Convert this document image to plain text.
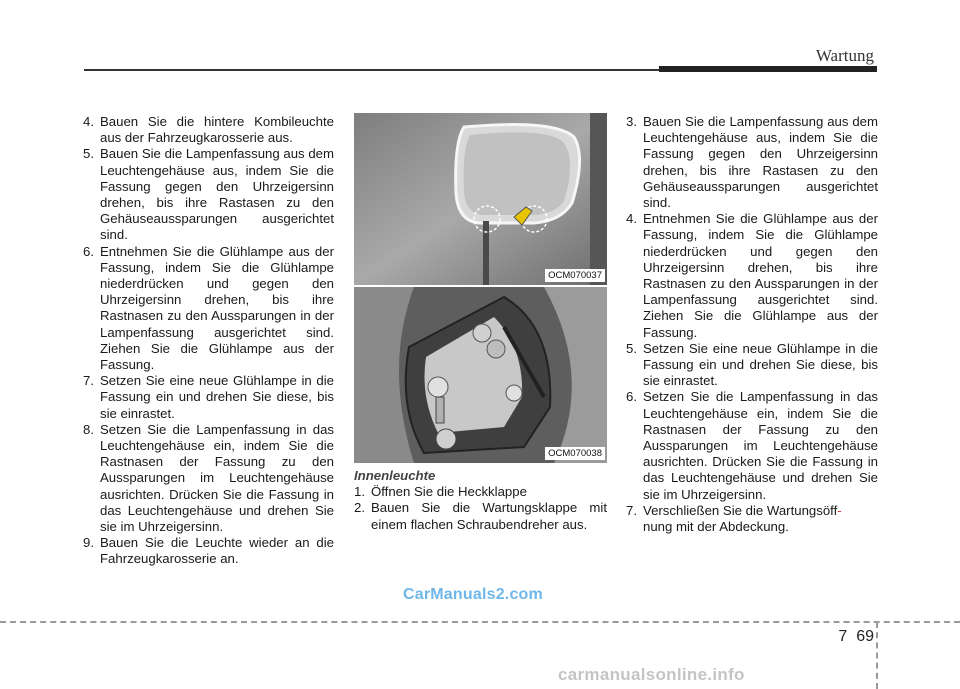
Wartung
4. Bauen Sie die hintere Kombileuchte aus der Fahrzeugkarosserie aus.
5. Bauen Sie die Lampenfassung aus dem Leuchtengehäuse aus, indem Sie die Fassung gegen den Uhrzeigersinn drehen, bis ihre Rastasen zu den Gehäuseaussparungen ausgerichtet sind.
6. Entnehmen Sie die Glühlampe aus der Fassung, indem Sie die Glühlampe niederdrücken und gegen den Uhrzeigersinn drehen, bis ihre Rastnasen zu den Aussparungen in der Lampenfassung ausgerichtet sind. Ziehen Sie die Glühlampe aus der Fassung.
7. Setzen Sie eine neue Glühlampe in die Fassung ein und drehen Sie diese, bis sie einrastet.
8. Setzen Sie die Lampenfassung in das Leuchtengehäuse ein, indem Sie die Rastnasen der Fassung zu den Aussparungen im Leuchtengehäuse ausrichten. Drücken Sie die Fassung in das Leuchtengehäuse und drehen Sie sie im Uhrzeigersinn.
9. Bauen Sie die Leuchte wieder an die Fahrzeugkarosserie an.
OCM070037
OCM070038
Innenleuchte
1. Öffnen Sie die Heckklappe
2. Bauen Sie die Wartungsklappe mit einem flachen Schraubendreher aus.
3. Bauen Sie die Lampenfassung aus dem Leuchtengehäuse aus, indem Sie die Fassung gegen den Uhrzeigersinn drehen, bis ihre Rastasen zu den Gehäuseaussparungen ausgerichtet sind.
4. Entnehmen Sie die Glühlampe aus der Fassung, indem Sie die Glühlampe niederdrücken und gegen den Uhrzeigersinn drehen, bis ihre Rastnasen zu den Aussparungen in der Lampenfassung ausgerichtet sind. Ziehen Sie die Glühlampe aus der Fassung.
5. Setzen Sie eine neue Glühlampe in die Fassung ein und drehen Sie diese, bis sie einrastet.
6. Setzen Sie die Lampenfassung in das Leuchtengehäuse ein, indem Sie die Rastnasen der Fassung zu den Aussparungen im Leuchtengehäuse ausrichten. Drücken Sie die Fassung in das Leuchtengehäuse und drehen Sie sie im Uhrzeigersinn.
7. Verschließen Sie die Wartungsöff-
nung mit der Abdeckung.
CarManuals2.com
7 69
carmanualsonline.info
